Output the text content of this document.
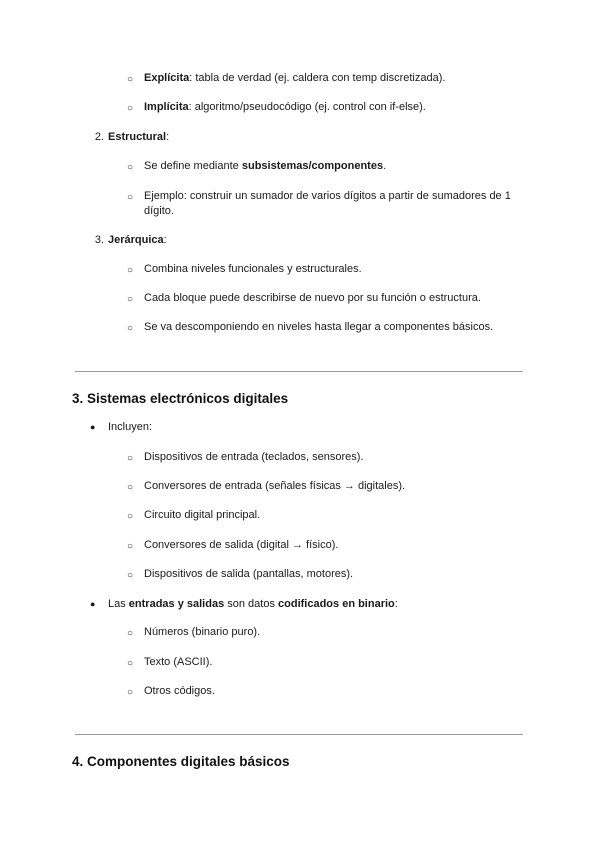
○ Explícita: tabla de verdad (ej. caldera con temp discretizada).
○ Implícita: algoritmo/pseudocódigo (ej. control con if-else).
2. Estructural:
○ Se define mediante subsistemas/componentes.
○ Ejemplo: construir un sumador de varios dígitos a partir de sumadores de 1 dígito.
3. Jerárquica:
○ Combina niveles funcionales y estructurales.
○ Cada bloque puede describirse de nuevo por su función o estructura.
○ Se va descomponiendo en niveles hasta llegar a componentes básicos.
3. Sistemas electrónicos digitales
● Incluyen:
○ Dispositivos de entrada (teclados, sensores).
○ Conversores de entrada (señales físicas → digitales).
○ Circuito digital principal.
○ Conversores de salida (digital → físico).
○ Dispositivos de salida (pantallas, motores).
● Las entradas y salidas son datos codificados en binario:
○ Números (binario puro).
○ Texto (ASCII).
○ Otros códigos.
4. Componentes digitales básicos
